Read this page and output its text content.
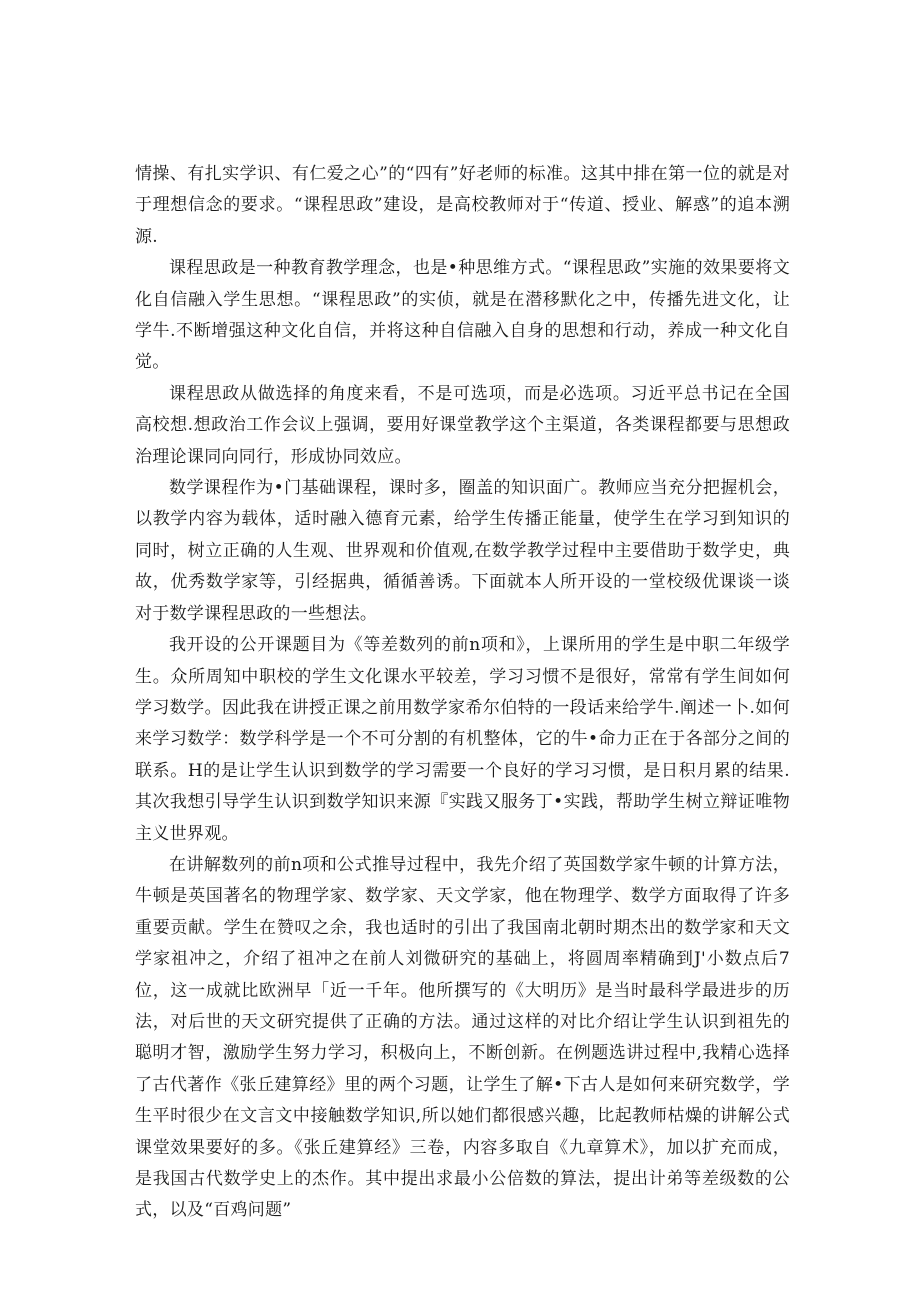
情操、有扎实学识、有仁爱之心”的“四有”好老师的标准。这其中排在第一位的就是对于理想信念的要求。“课程思政”建设，是高校教师对于“传道、授业、解惑”的追本溯源.

课程思政是一种教育教学理念，也是•种思维方式。“课程思政”实施的效果要将文化自信融入学生思想。“课程思政”的实侦，就是在潜移默化之中，传播先进文化，让学牛.不断增强这种文化自信，并将这种自信融入自身的思想和行动，养成一种文化自觉。

课程思政从做选择的角度来看，不是可选项，而是必选项。习近平总书记在全国高校想.想政治工作会议上强调，要用好课堂教学这个主渠道，各类课程都要与思想政治理论课同向同行，形成协同效应。

数学课程作为•门基础课程，课时多，圈盖的知识面广。教师应当充分把握机会，以教学内容为载体，适时融入德育元素，给学生传播正能量，使学生在学习到知识的同时，树立正确的人生观、世界观和价值观,在数学教学过程中主要借助于数学史，典故，优秀数学家等，引经据典，循循善诱。下面就本人所开设的一堂校级优课谈一谈对于数学课程思政的一些想法。

我开设的公开课题目为《等差数列的前n项和》，上课所用的学生是中职二年级学生。众所周知中职校的学生文化课水平较差，学习习惯不是很好，常常有学生间如何学习数学。因此我在讲授正课之前用数学家希尔伯特的一段话来给学牛.阐述一卜.如何来学习数学：数学科学是一个不可分割的有机整体，它的牛•命力正在于各部分之间的联系。H的是让学生认识到数学的学习需要一个良好的学习习惯，是日积月累的结果.其次我想引导学生认识到数学知识来源『实践又服务丁•实践，帮助学生树立辩证唯物主义世界观。

在讲解数列的前n项和公式推导过程中，我先介绍了英国数学家牛顿的计算方法，牛顿是英国著名的物理学家、数学家、天文学家，他在物理学、数学方面取得了许多重要贡献。学生在赞叹之余，我也适时的引出了我国南北朝时期杰出的数学家和天文学家祖冲之，介绍了祖冲之在前人刘微研究的基础上，将圆周率精确到J'小数点后7位，这一成就比欧洲早「近一千年。他所撰写的《大明历》是当时最科学最进步的历法，对后世的天文研究提供了正确的方法。通过这样的对比介绍让学生认识到祖先的聪明才智，激励学生努力学习，积极向上，不断创新。在例题选讲过程中,我精心选择了古代著作《张丘建算经》里的两个习题，让学生了解•下古人是如何来研究数学，学生平时很少在文言文中接触数学知识,所以她们都很感兴趣，比起教师枯燥的讲解公式课堂效果要好的多。《张丘建算经》三卷，内容多取自《九章算术》，加以扩充而成，是我国古代数学史上的杰作。其中提出求最小公倍数的算法，提出计弟等差级数的公式，以及“百鸡问题”
